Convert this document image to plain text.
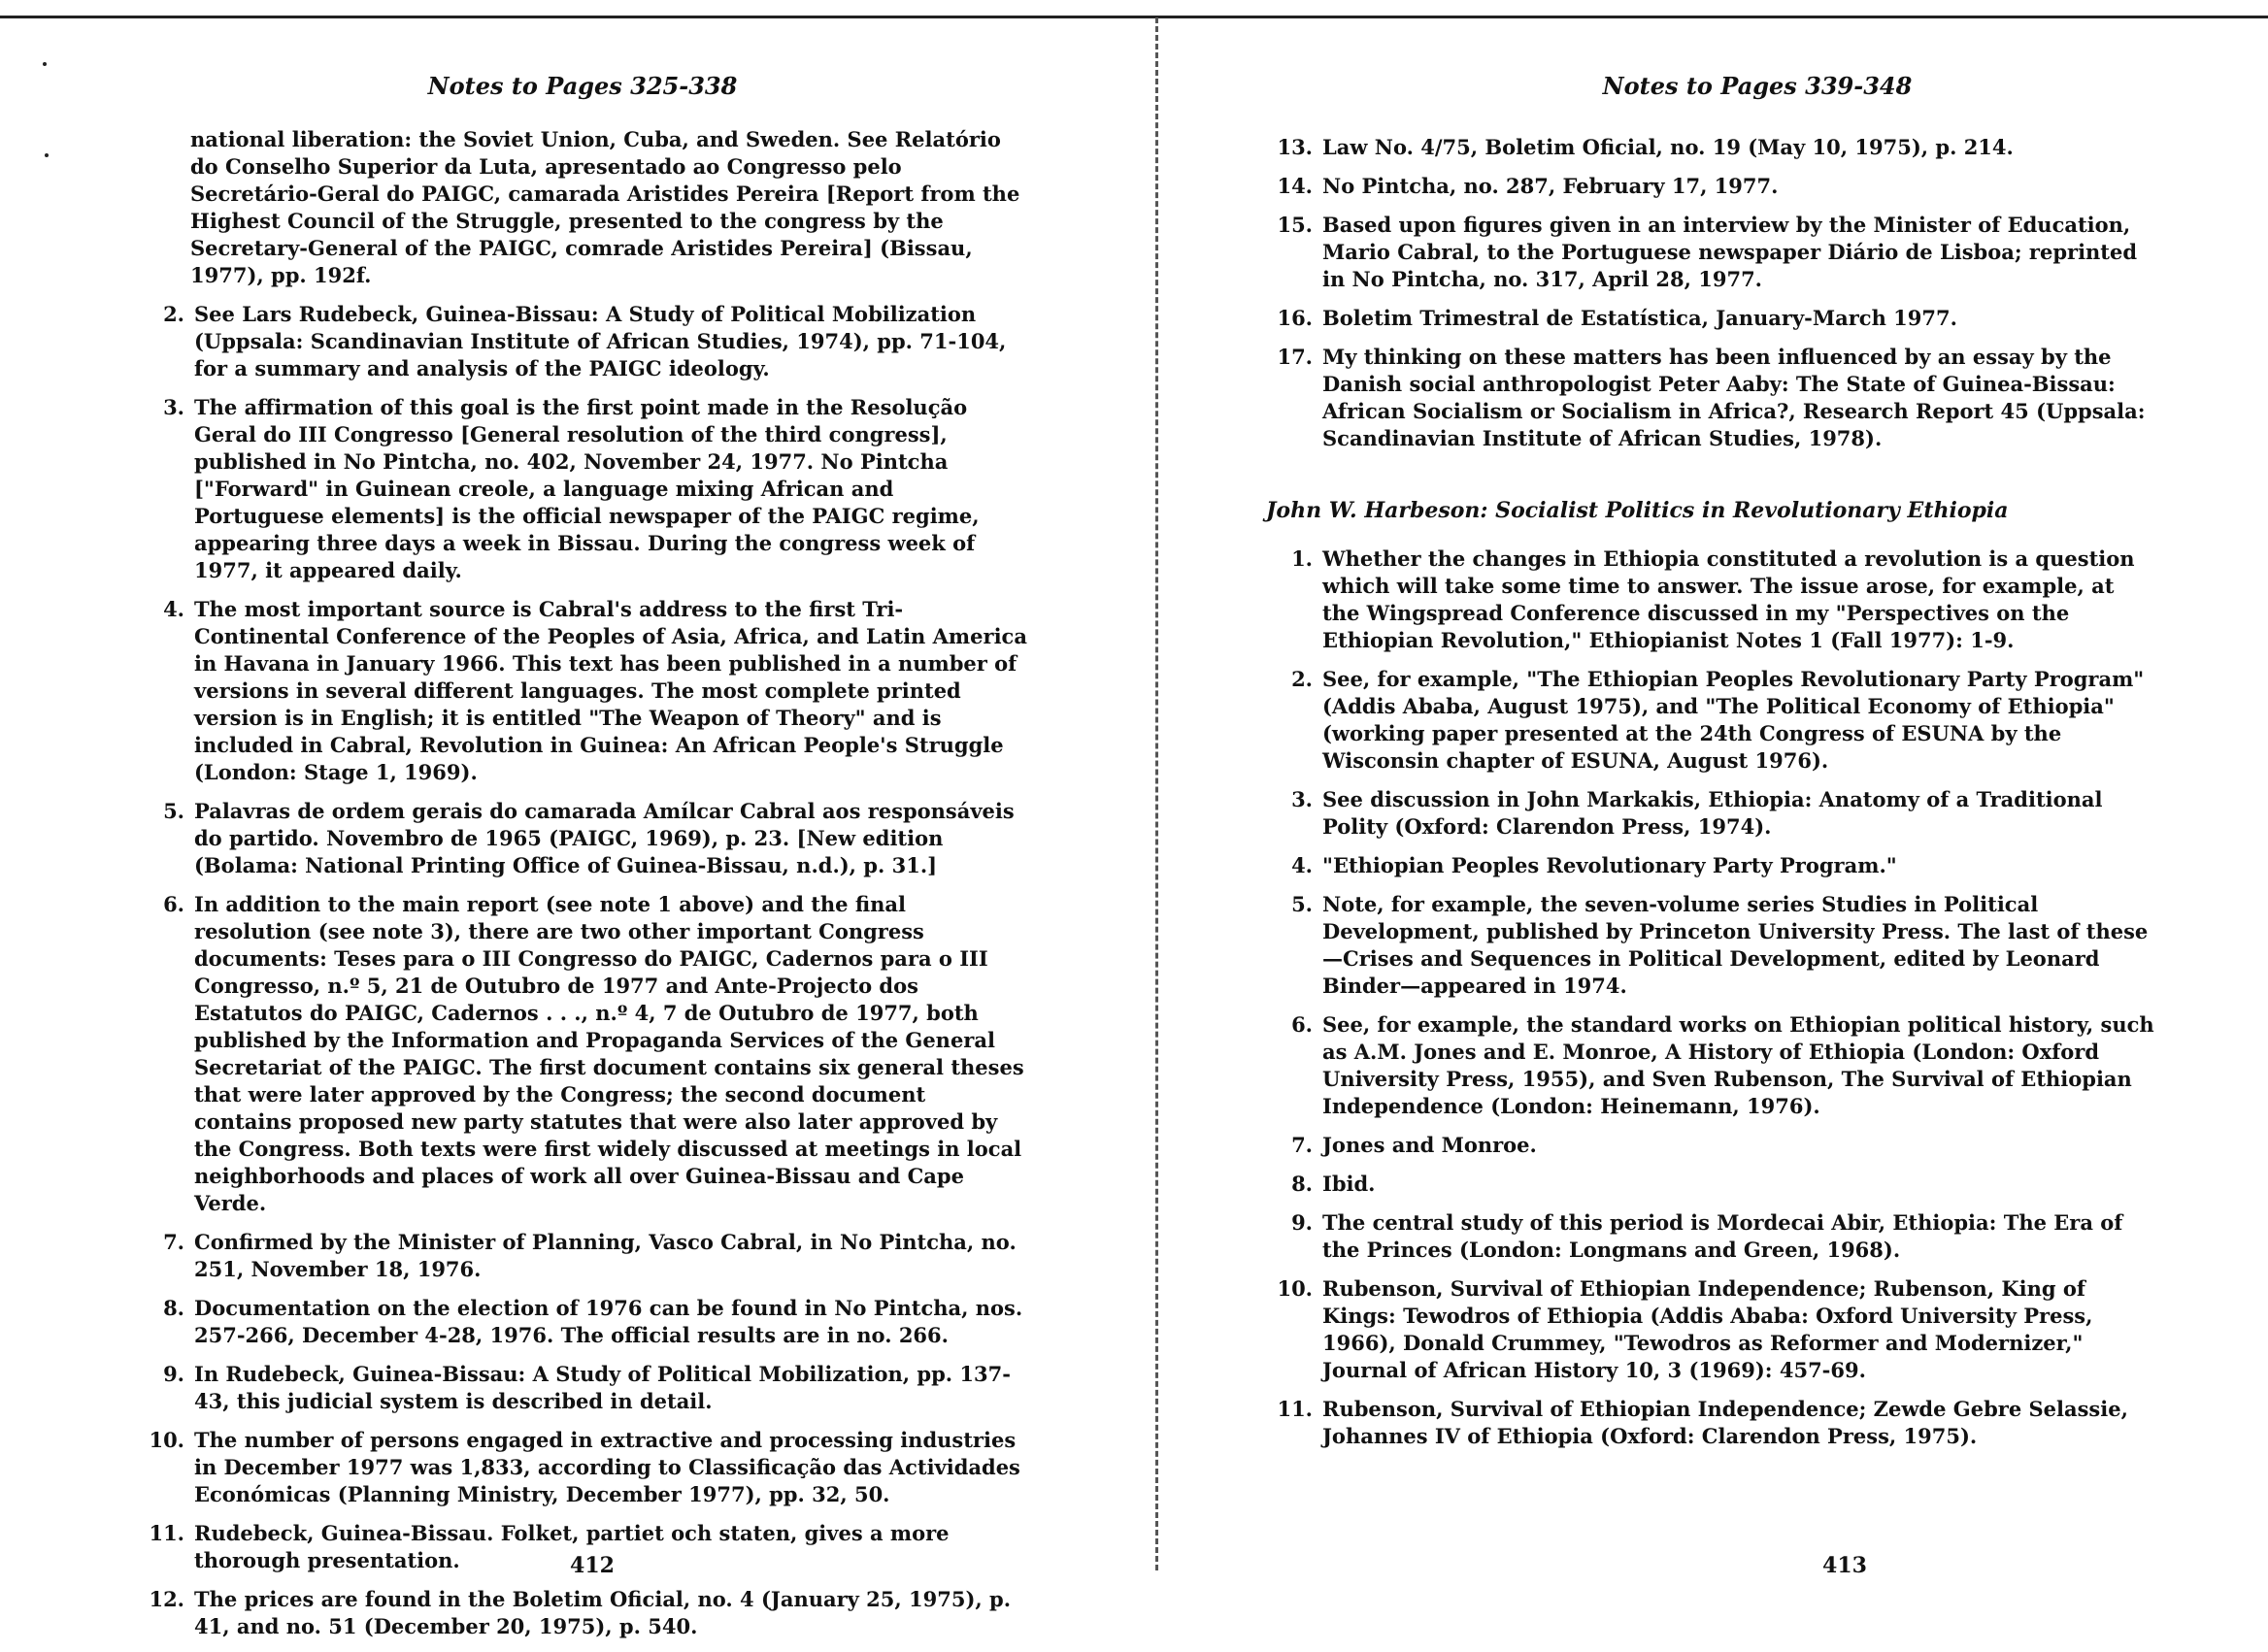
Notes to Pages 325-338
national liberation: the Soviet Union, Cuba, and Sweden. See Relatório do Conselho Superior da Luta, apresentado ao Congresso pelo Secretário-Geral do PAIGC, camarada Aristides Pereira [Report from the Highest Council of the Struggle, presented to the congress by the Secretary-General of the PAIGC, comrade Aristides Pereira] (Bissau, 1977), pp. 192f.
2. See Lars Rudebeck, Guinea-Bissau: A Study of Political Mobilization (Uppsala: Scandinavian Institute of African Studies, 1974), pp. 71-104, for a summary and analysis of the PAIGC ideology.
3. The affirmation of this goal is the first point made in the Resolução Geral do III Congresso [General resolution of the third congress], published in No Pintcha, no. 402, November 24, 1977. No Pintcha ["Forward" in Guinean creole, a language mixing African and Portuguese elements] is the official newspaper of the PAIGC regime, appearing three days a week in Bissau. During the congress week of 1977, it appeared daily.
4. The most important source is Cabral's address to the first Tri-Continental Conference of the Peoples of Asia, Africa, and Latin America in Havana in January 1966. This text has been published in a number of versions in several different languages. The most complete printed version is in English; it is entitled "The Weapon of Theory" and is included in Cabral, Revolution in Guinea: An African People's Struggle (London: Stage 1, 1969).
5. Palavras de ordem gerais do camarada Amílcar Cabral aos responsáveis do partido. Novembro de 1965 (PAIGC, 1969), p. 23. [New edition (Bolama: National Printing Office of Guinea-Bissau, n.d.), p. 31.]
6. In addition to the main report (see note 1 above) and the final resolution (see note 3), there are two other important Congress documents: Teses para o III Congresso do PAIGC, Cadernos para o III Congresso, n.º 5, 21 de Outubro de 1977 and Ante-Projecto dos Estatutos do PAIGC, Cadernos . . ., n.º 4, 7 de Outubro de 1977, both published by the Information and Propaganda Services of the General Secretariat of the PAIGC. The first document contains six general theses that were later approved by the Congress; the second document contains proposed new party statutes that were also later approved by the Congress. Both texts were first widely discussed at meetings in local neighborhoods and places of work all over Guinea-Bissau and Cape Verde.
7. Confirmed by the Minister of Planning, Vasco Cabral, in No Pintcha, no. 251, November 18, 1976.
8. Documentation on the election of 1976 can be found in No Pintcha, nos. 257-266, December 4-28, 1976. The official results are in no. 266.
9. In Rudebeck, Guinea-Bissau: A Study of Political Mobilization, pp. 137-43, this judicial system is described in detail.
10. The number of persons engaged in extractive and processing industries in December 1977 was 1,833, according to Classificação das Actividades Económicas (Planning Ministry, December 1977), pp. 32, 50.
11. Rudebeck, Guinea-Bissau. Folket, partiet och staten, gives a more thorough presentation.
12. The prices are found in the Boletim Oficial, no. 4 (January 25, 1975), p. 41, and no. 51 (December 20, 1975), p. 540.
412
Notes to Pages 339-348
13. Law No. 4/75, Boletim Oficial, no. 19 (May 10, 1975), p. 214.
14. No Pintcha, no. 287, February 17, 1977.
15. Based upon figures given in an interview by the Minister of Education, Mario Cabral, to the Portuguese newspaper Diário de Lisboa; reprinted in No Pintcha, no. 317, April 28, 1977.
16. Boletim Trimestral de Estatística, January-March 1977.
17. My thinking on these matters has been influenced by an essay by the Danish social anthropologist Peter Aaby: The State of Guinea-Bissau: African Socialism or Socialism in Africa?, Research Report 45 (Uppsala: Scandinavian Institute of African Studies, 1978).
John W. Harbeson: Socialist Politics in Revolutionary Ethiopia
1. Whether the changes in Ethiopia constituted a revolution is a question which will take some time to answer. The issue arose, for example, at the Wingspread Conference discussed in my "Perspectives on the Ethiopian Revolution," Ethiopianist Notes 1 (Fall 1977): 1-9.
2. See, for example, "The Ethiopian Peoples Revolutionary Party Program" (Addis Ababa, August 1975), and "The Political Economy of Ethiopia" (working paper presented at the 24th Congress of ESUNA by the Wisconsin chapter of ESUNA, August 1976).
3. See discussion in John Markakis, Ethiopia: Anatomy of a Traditional Polity (Oxford: Clarendon Press, 1974).
4. "Ethiopian Peoples Revolutionary Party Program."
5. Note, for example, the seven-volume series Studies in Political Development, published by Princeton University Press. The last of these—Crises and Sequences in Political Development, edited by Leonard Binder—appeared in 1974.
6. See, for example, the standard works on Ethiopian political history, such as A.M. Jones and E. Monroe, A History of Ethiopia (London: Oxford University Press, 1955), and Sven Rubenson, The Survival of Ethiopian Independence (London: Heinemann, 1976).
7. Jones and Monroe.
8. Ibid.
9. The central study of this period is Mordecai Abir, Ethiopia: The Era of the Princes (London: Longmans and Green, 1968).
10. Rubenson, Survival of Ethiopian Independence; Rubenson, King of Kings: Tewodros of Ethiopia (Addis Ababa: Oxford University Press, 1966), Donald Crummey, "Tewodros as Reformer and Modernizer," Journal of African History 10, 3 (1969): 457-69.
11. Rubenson, Survival of Ethiopian Independence; Zewde Gebre Selassie, Johannes IV of Ethiopia (Oxford: Clarendon Press, 1975).
413
